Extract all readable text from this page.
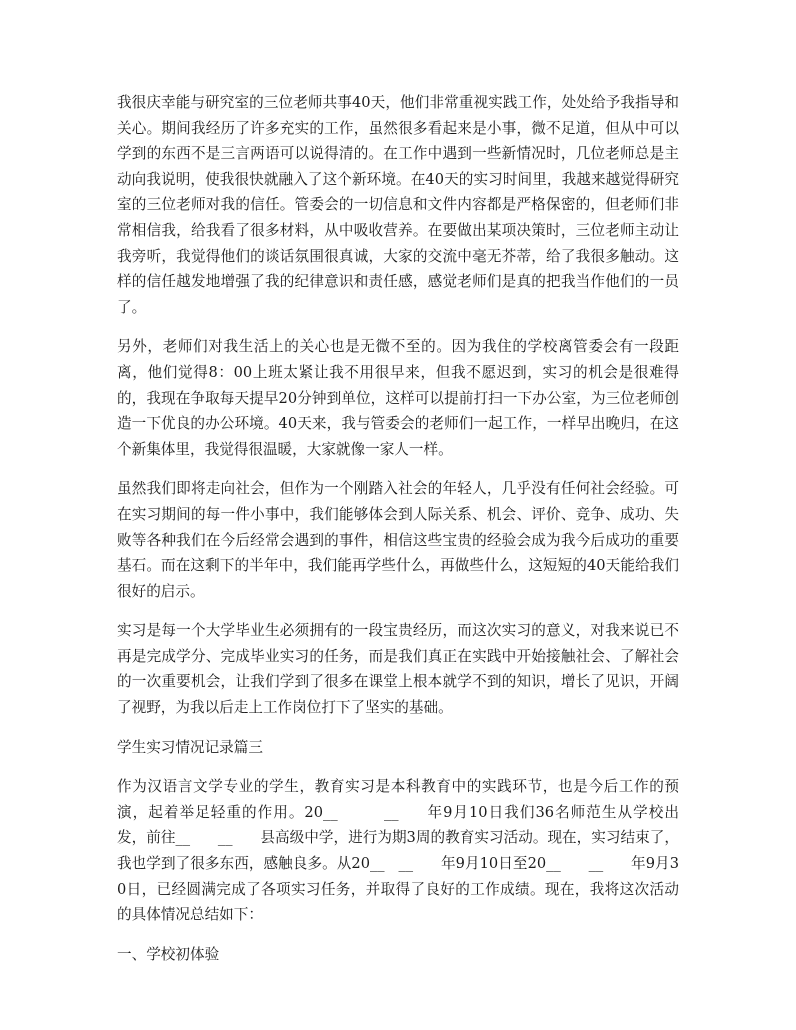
我很庆幸能与研究室的三位老师共事40天，他们非常重视实践工作，处处给予我指导和关心。期间我经历了许多充实的工作，虽然很多看起来是小事，微不足道，但从中可以学到的东西不是三言两语可以说得清的。在工作中遇到一些新情况时，几位老师总是主动向我说明，使我很快就融入了这个新环境。在40天的实习时间里，我越来越觉得研究室的三位老师对我的信任。管委会的一切信息和文件内容都是严格保密的，但老师们非常相信我，给我看了很多材料，从中吸收营养。在要做出某项决策时，三位老师主动让我旁听，我觉得他们的谈话氛围很真诚，大家的交流中毫无芥蒂，给了我很多触动。这样的信任越发地增强了我的纪律意识和责任感，感觉老师们是真的把我当作他们的一员了。

另外，老师们对我生活上的关心也是无微不至的。因为我住的学校离管委会有一段距离，他们觉得8：00上班太紧让我不用很早来，但我不愿迟到，实习的机会是很难得的，我现在争取每天提早20分钟到单位，这样可以提前打扫一下办公室，为三位老师创造一下优良的办公环境。40天来，我与管委会的老师们一起工作，一样早出晚归，在这个新集体里，我觉得很温暖，大家就像一家人一样。

虽然我们即将走向社会，但作为一个刚踏入社会的年轻人，几乎没有任何社会经验。可在实习期间的每一件小事中，我们能够体会到人际关系、机会、评价、竞争、成功、失败等各种我们在今后经常会遇到的事件，相信这些宝贵的经验会成为我今后成功的重要基石。而在这剩下的半年中，我们能再学些什么，再做些什么，这短短的40天能给我们很好的启示。

实习是每一个大学毕业生必须拥有的一段宝贵经历，而这次实习的意义，对我来说已不再是完成学分、完成毕业实习的任务，而是我们真正在实践中开始接触社会、了解社会的一次重要机会，让我们学到了很多在课堂上根本就学不到的知识，增长了见识，开阔了视野，为我以后走上工作岗位打下了坚实的基础。

学生实习情况记录篇三

作为汉语言文学专业的学生，教育实习是本科教育中的实践环节，也是今后工作的预演，起着举足轻重的作用。20__          __      年9月10日我们36名师范生从学校出发，前往__      __      县高级中学，进行为期3周的教育实习活动。现在，实习结束了，我也学到了很多东西，感触良多。从20__   __      年9月10日至20__      __      年9月30日，已经圆满完成了各项实习任务，并取得了良好的工作成绩。现在，我将这次活动的具体情况总结如下：

一、学校初体验
